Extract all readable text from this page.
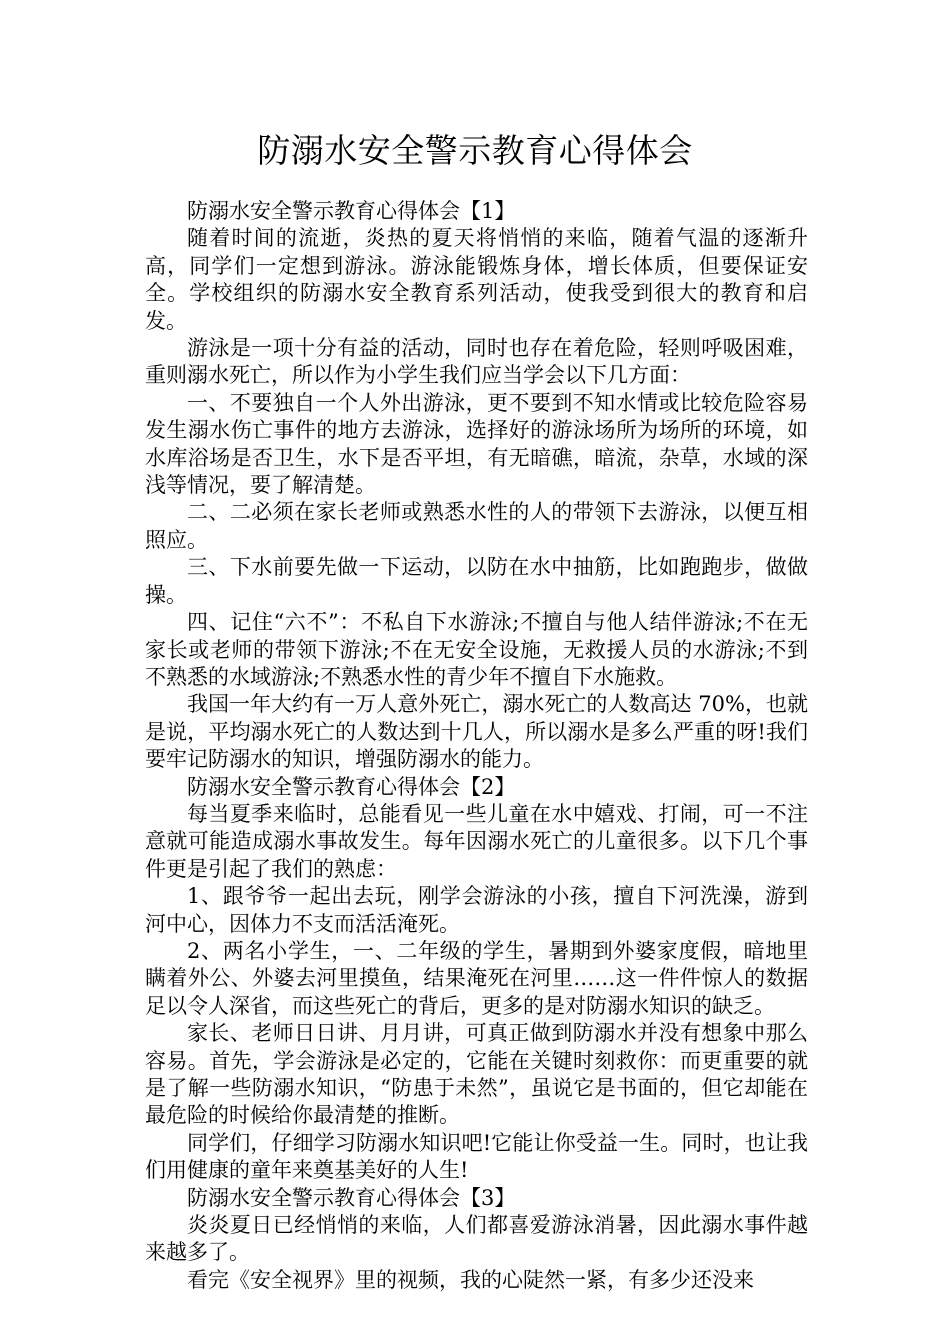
防溺水安全警示教育心得体会

防溺水安全警示教育心得体会【1】

随着时间的流逝，炎热的夏天将悄悄的来临，随着气温的逐渐升高，同学们一定想到游泳。游泳能锻炼身体，增长体质，但要保证安全。学校组织的防溺水安全教育系列活动，使我受到很大的教育和启发。

游泳是一项十分有益的活动，同时也存在着危险，轻则呼吸困难，重则溺水死亡，所以作为小学生我们应当学会以下几方面：

一、不要独自一个人外出游泳，更不要到不知水情或比较危险容易发生溺水伤亡事件的地方去游泳，选择好的游泳场所为场所的环境，如水库浴场是否卫生，水下是否平坦，有无暗礁，暗流，杂草，水域的深浅等情况，要了解清楚。

二、二必须在家长老师或熟悉水性的人的带领下去游泳，以便互相照应。

三、下水前要先做一下运动，以防在水中抽筋，比如跑跑步，做做操。

四、记住“六不”：不私自下水游泳;不擅自与他人结伴游泳;不在无家长或老师的带领下游泳;不在无安全设施，无救援人员的水游泳;不到不熟悉的水域游泳;不熟悉水性的青少年不擅自下水施救。

我国一年大约有一万人意外死亡，溺水死亡的人数高达 70%，也就是说，平均溺水死亡的人数达到十几人，所以溺水是多么严重的呀!我们要牢记防溺水的知识，增强防溺水的能力。

防溺水安全警示教育心得体会【2】

每当夏季来临时，总能看见一些儿童在水中嬉戏、打闹，可一不注意就可能造成溺水事故发生。每年因溺水死亡的儿童很多。以下几个事件更是引起了我们的熟虑：

1、跟爷爷一起出去玩，刚学会游泳的小孩，擅自下河洗澡，游到河中心，因体力不支而活活淹死。

2、两名小学生，一、二年级的学生，暑期到外婆家度假，暗地里瞒着外公、外婆去河里摸鱼，结果淹死在河里……这一件件惊人的数据足以令人深省，而这些死亡的背后，更多的是对防溺水知识的缺乏。

家长、老师日日讲、月月讲，可真正做到防溺水并没有想象中那么容易。首先，学会游泳是必定的，它能在关键时刻救你：而更重要的就是了解一些防溺水知识，“防患于未然”，虽说它是书面的，但它却能在最危险的时候给你最清楚的推断。

同学们，仔细学习防溺水知识吧!它能让你受益一生。同时，也让我们用健康的童年来奠基美好的人生!

防溺水安全警示教育心得体会【3】

炎炎夏日已经悄悄的来临，人们都喜爱游泳消暑，因此溺水事件越来越多了。

看完《安全视界》里的视频，我的心陡然一紧，有多少还没来
